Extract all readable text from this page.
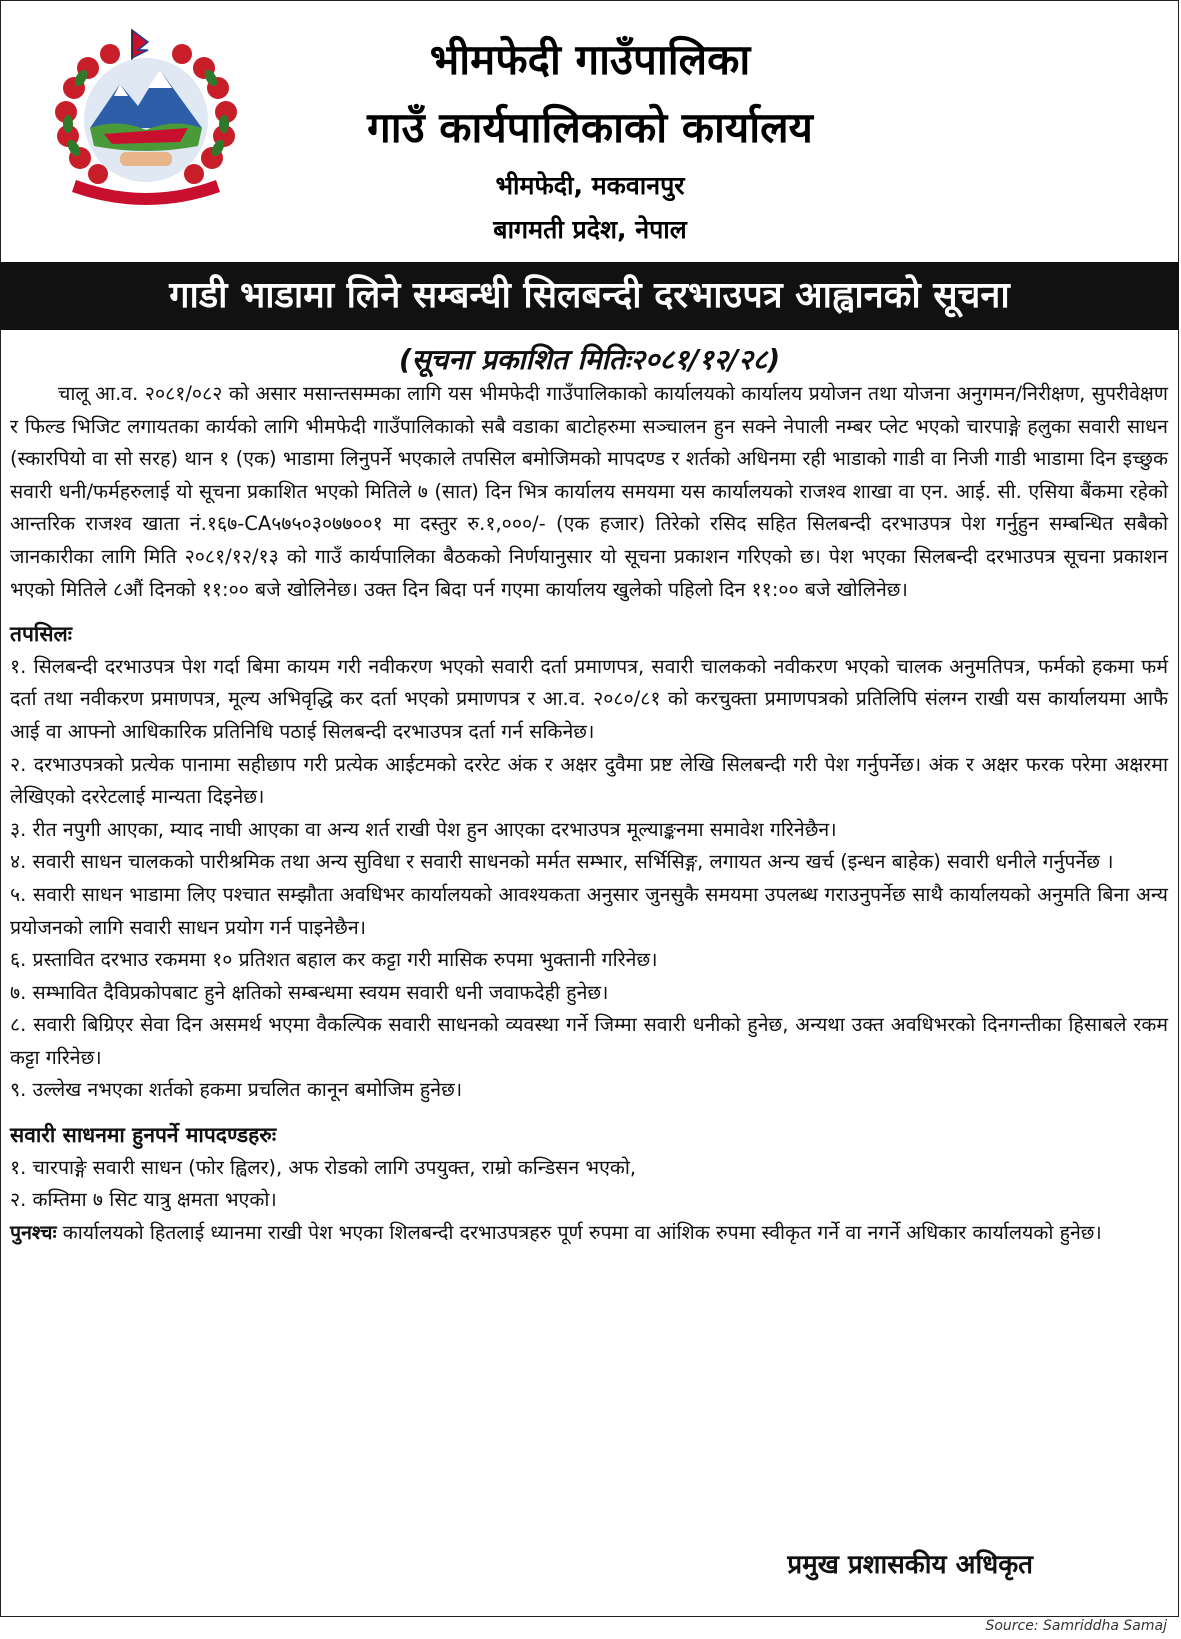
भीमफेदी गाउँपालिका
गाउँ कार्यपालिकाको कार्यालय
भीमफेदी, मकवानपुर
बागमती प्रदेश, नेपाल
गाडी भाडामा लिने सम्बन्धी सिलबन्दी दरभाउपत्र आह्वानको सूचना
(सूचना प्रकाशित मितिः२०८१/१२/२८)

चालू आ.व. २०८१/०८२ को असार मसान्तसम्मका लागि यस भीमफेदी गाउँपालिकाको कार्यालयको कार्यालय प्रयोजन तथा योजना अनुगमन/निरीक्षण, सुपरीवेक्षण र फिल्ड भिजिट लगायतका कार्यको लागि भीमफेदी गाउँपालिकाको सबै वडाका बाटोहरुमा सञ्चालन हुन सक्ने नेपाली नम्बर प्लेट भएको चारपाङ्गे हलुका सवारी साधन (स्कारपियो वा सो सरह) थान १ (एक) भाडामा लिनुपर्ने भएकाले तपसिल बमोजिमको मापदण्ड र शर्तको अधिनमा रही भाडाको गाडी वा निजी गाडी भाडामा दिन इच्छुक सवारी धनी/फर्महरुलाई यो सूचना प्रकाशित भएको मितिले ७ (सात) दिन भित्र कार्यालय समयमा यस कार्यालयको राजश्व शाखा वा एन. आई. सी. एसिया बैंकमा रहेको आन्तरिक राजश्व खाता नं.१६७-CA५७५०३०७७००१ मा दस्तुर रु.१,०००/- (एक हजार) तिरेको रसिद सहित सिलबन्दी दरभाउपत्र पेश गर्नुहुन सम्बन्धित सबैको जानकारीका लागि मिति २०८१/१२/१३ को गाउँ कार्यपालिका बैठकको निर्णयानुसार यो सूचना प्रकाशन गरिएको छ। पेश भएका सिलबन्दी दरभाउपत्र सूचना प्रकाशन भएको मितिले ८औं दिनको ११:०० बजे खोलिनेछ। उक्त दिन बिदा पर्न गएमा कार्यालय खुलेको पहिलो दिन ११:०० बजे खोलिनेछ।

तपसिलः

१. सिलबन्दी दरभाउपत्र पेश गर्दा बिमा कायम गरी नवीकरण भएको सवारी दर्ता प्रमाणपत्र, सवारी चालकको नवीकरण भएको चालक अनुमतिपत्र, फर्मको हकमा फर्म दर्ता तथा नवीकरण प्रमाणपत्र, मूल्य अभिवृद्धि कर दर्ता भएको प्रमाणपत्र र आ.व. २०८०/८१ को करचुक्ता प्रमाणपत्रको प्रतिलिपि संलग्न राखी यस कार्यालयमा आफै आई वा आफ्नो आधिकारिक प्रतिनिधि पठाई सिलबन्दी दरभाउपत्र दर्ता गर्न सकिनेछ।

२. दरभाउपत्रको प्रत्येक पानामा सहीछाप गरी प्रत्येक आईटमको दररेट अंक र अक्षर दुवैमा प्रष्ट लेखि सिलबन्दी गरी पेश गर्नुपर्नेछ। अंक र अक्षर फरक परेमा अक्षरमा लेखिएको दररेटलाई मान्यता दिइनेछ।

३. रीत नपुगी आएका, म्याद नाघी आएका वा अन्य शर्त राखी पेश हुन आएका दरभाउपत्र मूल्याङ्कनमा समावेश गरिनेछैन।

४. सवारी साधन चालकको पारीश्रमिक तथा अन्य सुविधा र सवारी साधनको मर्मत सम्भार, सर्भिसिङ्ग, लगायत अन्य खर्च (इन्धन बाहेक) सवारी धनीले गर्नुपर्नेछ ।

५. सवारी साधन भाडामा लिए पश्चात सम्झौता अवधिभर कार्यालयको आवश्यकता अनुसार जुनसुकै समयमा उपलब्ध गराउनुपर्नेछ साथै कार्यालयको अनुमति बिना अन्य प्रयोजनको लागि सवारी साधन प्रयोग गर्न पाइनेछैन।

६. प्रस्तावित दरभाउ रकममा १० प्रतिशत बहाल कर कट्टा गरी मासिक रुपमा भुक्तानी गरिनेछ।

७. सम्भावित दैविप्रकोपबाट हुने क्षतिको सम्बन्धमा स्वयम सवारी धनी जवाफदेही हुनेछ।

८. सवारी बिग्रिएर सेवा दिन असमर्थ भएमा वैकल्पिक सवारी साधनको व्यवस्था गर्ने जिम्मा सवारी धनीको हुनेछ, अन्यथा उक्त अवधिभरको दिनगन्तीका हिसाबले रकम कट्टा गरिनेछ।

९. उल्लेख नभएका शर्तको हकमा प्रचलित कानून बमोजिम हुनेछ।

सवारी साधनमा हुनपर्ने मापदण्डहरुः

१. चारपाङ्गे सवारी साधन (फोर ह्विलर), अफ रोडको लागि उपयुक्त, राम्रो कन्डिसन भएको,

२. कम्तिमा ७ सिट यात्रु क्षमता भएको।

पुनश्चः कार्यालयको हितलाई ध्यानमा राखी पेश भएका शिलबन्दी दरभाउपत्रहरु पूर्ण रुपमा वा आंशिक रुपमा स्वीकृत गर्ने वा नगर्ने अधिकार कार्यालयको हुनेछ।

प्रमुख प्रशासकीय अधिकृत
Source: Samriddha Samaj
